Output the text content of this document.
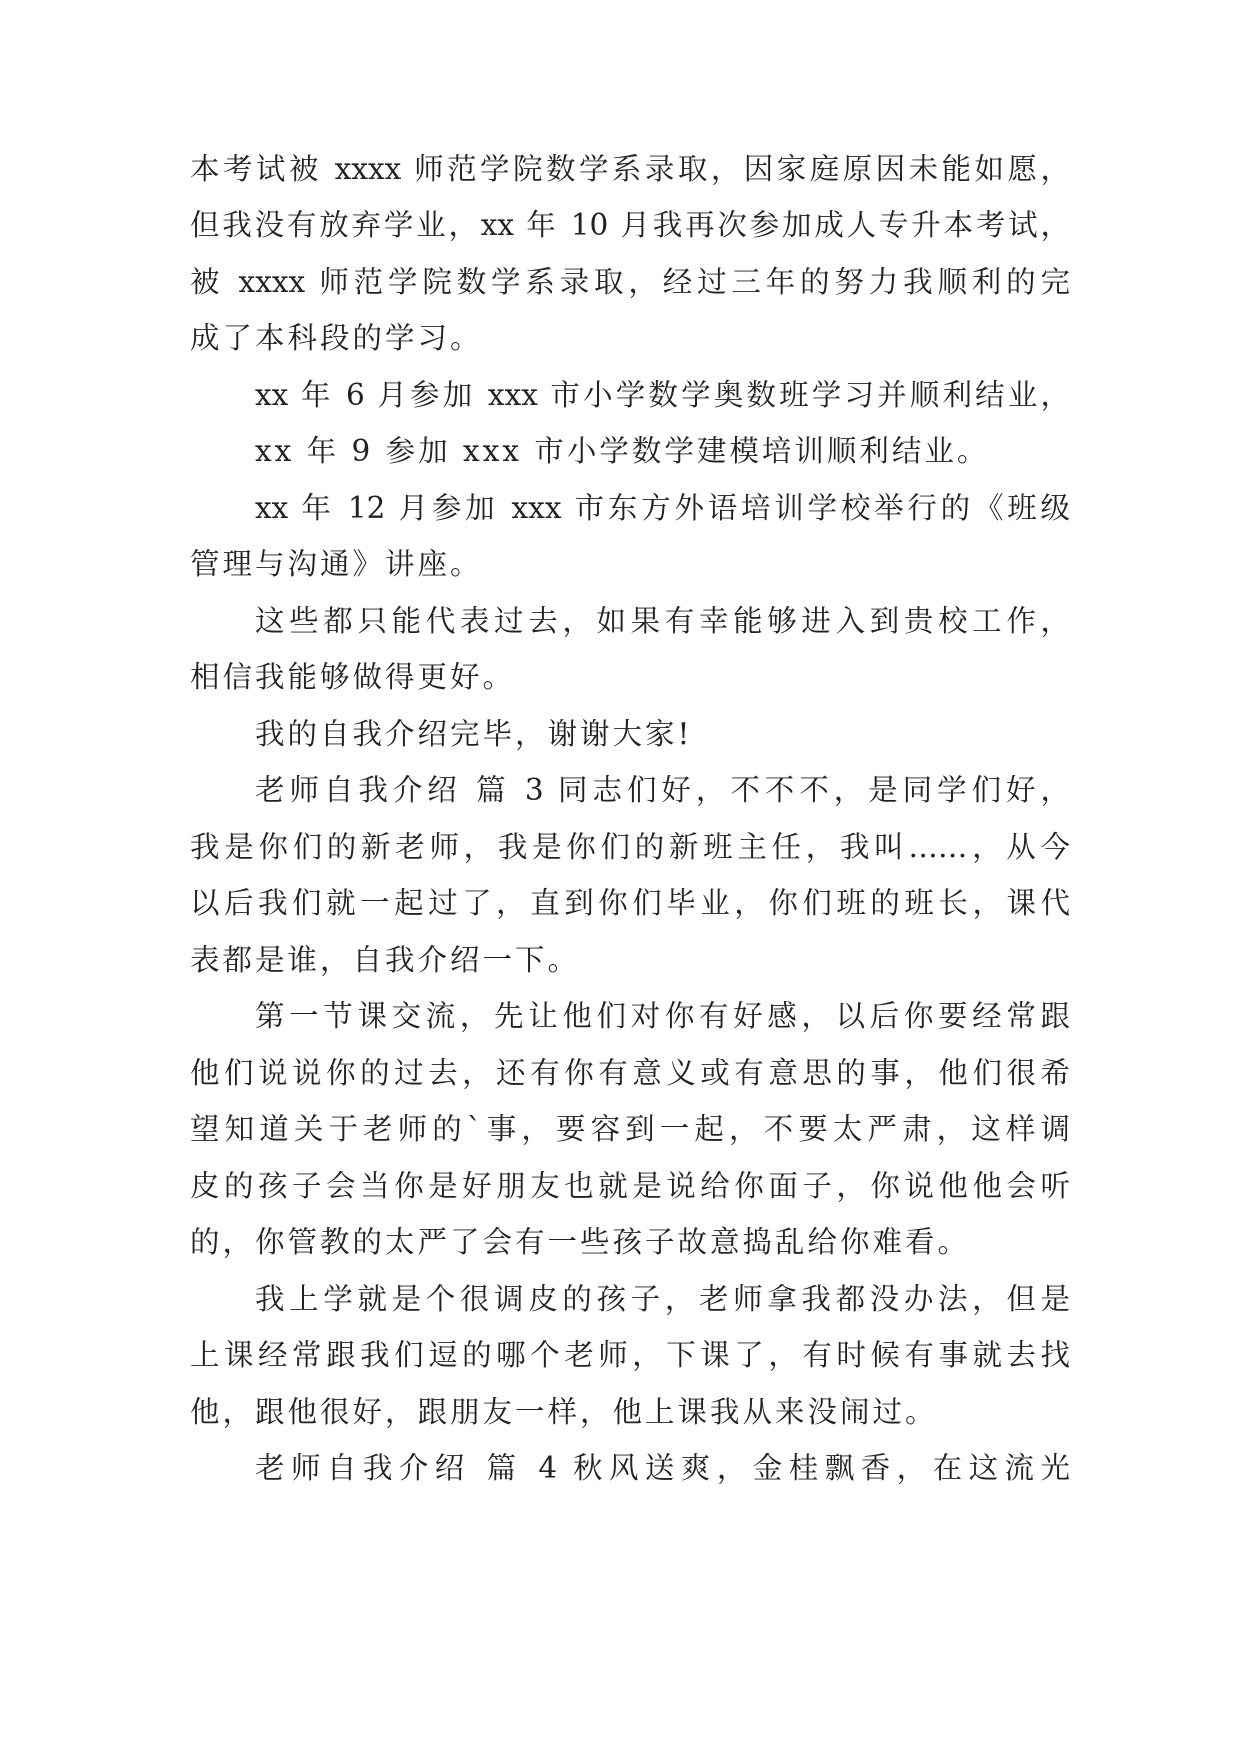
本考试被 xxxx 师范学院数学系录取，因家庭原因未能如愿，
但我没有放弃学业，xx 年 10 月我再次参加成人专升本考试，
被 xxxx 师范学院数学系录取，经过三年的努力我顺利的完
成了本科段的学习。
xx 年 6 月参加 xxx 市小学数学奥数班学习并顺利结业，
xx 年 9 参加 xxx 市小学数学建模培训顺利结业。
xx 年 12 月参加 xxx 市东方外语培训学校举行的《班级
管理与沟通》讲座。
这些都只能代表过去，如果有幸能够进入到贵校工作，
相信我能够做得更好。
我的自我介绍完毕，谢谢大家!
老师自我介绍 篇 3 同志们好，不不不，是同学们好，
我是你们的新老师，我是你们的新班主任，我叫……，从今
以后我们就一起过了，直到你们毕业，你们班的班长，课代
表都是谁，自我介绍一下。
第一节课交流，先让他们对你有好感，以后你要经常跟
他们说说你的过去，还有你有意义或有意思的事，他们很希
望知道关于老师的`事，要容到一起，不要太严肃，这样调
皮的孩子会当你是好朋友也就是说给你面子，你说他他会听
的，你管教的太严了会有一些孩子故意捣乱给你难看。
我上学就是个很调皮的孩子，老师拿我都没办法，但是
上课经常跟我们逗的哪个老师，下课了，有时候有事就去找
他，跟他很好，跟朋友一样，他上课我从来没闹过。
老师自我介绍 篇 4 秋风送爽，金桂飘香，在这流光
